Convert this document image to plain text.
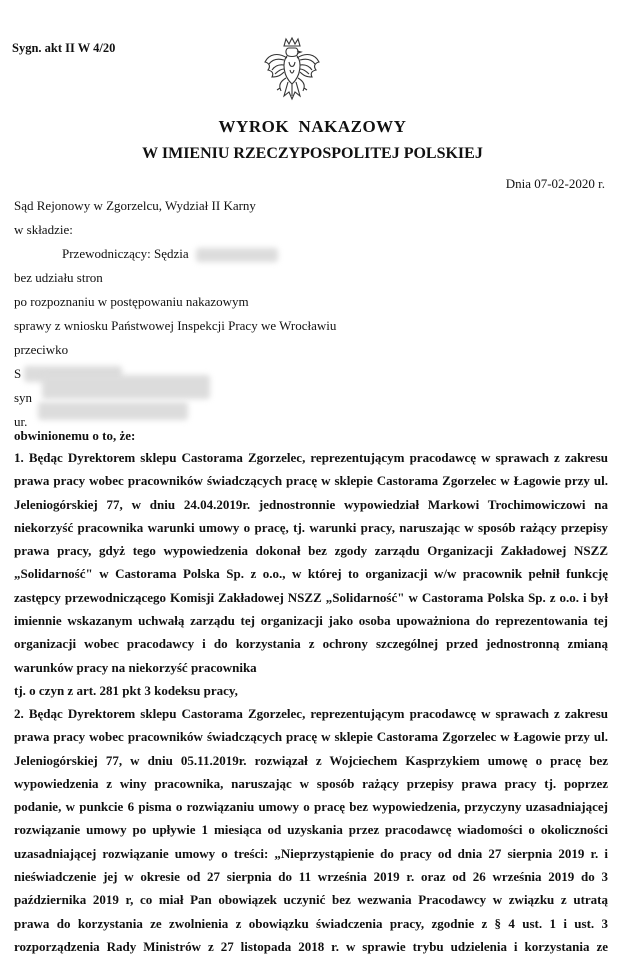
Sygn. akt II W 4/20
WYROK  NAKAZOWY
W IMIENIU RZECZYPOSPOLITEJ POLSKIEJ
Dnia 07-02-2020 r.
Sąd Rejonowy w Zgorzelcu, Wydział II Karny
w składzie:
Przewodniczący: Sędzia
bez udziału stron
po rozpoznaniu w postępowaniu nakazowym
sprawy z wniosku Państwowej Inspekcji Pracy we Wrocławiu
przeciwko
S
syn
ur.
obwinionemu o to, że:
1. Będąc Dyrektorem sklepu Castorama Zgorzelec, reprezentującym pracodawcę w sprawach z zakresu
prawa pracy wobec pracowników świadczących pracę w sklepie Castorama Zgorzelec w Łagowie przy ul.
Jeleniogórskiej 77, w dniu 24.04.2019r. jednostronnie wypowiedział Markowi Trochimowiczowi na
niekorzyść pracownika warunki umowy o pracę, tj. warunki pracy, naruszając w sposób rażący przepisy
prawa pracy, gdyż tego wypowiedzenia dokonał bez zgody zarządu Organizacji Zakładowej NSZZ
„Solidarność" w Castorama Polska Sp. z o.o., w której to organizacji w/w pracownik pełnił funkcję
zastępcy przewodniczącego Komisji Zakładowej NSZZ „Solidarność" w Castorama Polska Sp. z o.o. i był
imiennie wskazanym uchwałą zarządu tej organizacji jako osoba upoważniona do reprezentowania tej
organizacji wobec pracodawcy i do korzystania z ochrony szczególnej przed jednostronną zmianą
warunków pracy na niekorzyść pracownika
tj. o czyn z art. 281 pkt 3 kodeksu pracy,
2. Będąc Dyrektorem sklepu Castorama Zgorzelec, reprezentującym pracodawcę w sprawach z zakresu
prawa pracy wobec pracowników świadczących pracę w sklepie Castorama Zgorzelec w Łagowie przy ul.
Jeleniogórskiej 77, w dniu 05.11.2019r. rozwiązał z Wojciechem Kasprzykiem umowę o pracę bez
wypowiedzenia z winy pracownika, naruszając w sposób rażący przepisy prawa pracy tj. poprzez
podanie, w punkcie 6 pisma o rozwiązaniu umowy o pracę bez wypowiedzenia, przyczyny uzasadniającej
rozwiązanie umowy po upływie 1 miesiąca od uzyskania przez pracodawcę wiadomości o okoliczności
uzasadniającej rozwiązanie umowy o treści: „Nieprzystąpienie do pracy od dnia 27 sierpnia 2019 r. i
nieświadczenie jej w okresie od 27 sierpnia do 11 września 2019 r. oraz od 26 września 2019 do 3
października 2019 r, co miał Pan obowiązek uczynić bez wezwania Pracodawcy w związku z utratą
prawa do korzystania ze zwolnienia z obowiązku świadczenia pracy, zgodnie z § 4 ust. 1 i ust. 3
rozporządzenia Rady Ministrów z 27 listopada 2018 r. w sprawie trybu udzielenia i korzystania ze
